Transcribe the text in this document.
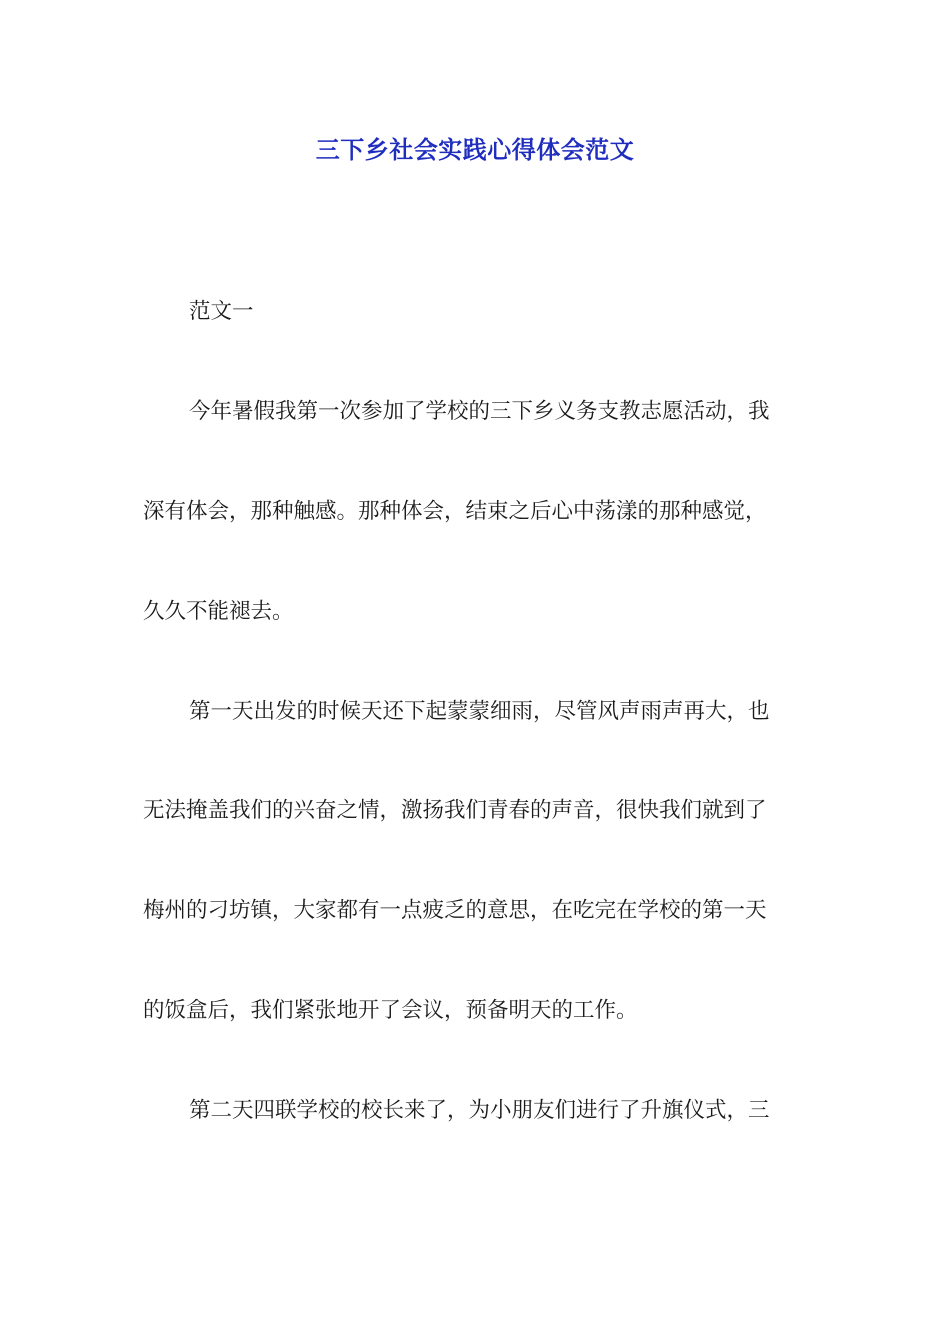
三下乡社会实践心得体会范文
范文一
今年暑假我第一次参加了学校的三下乡义务支教志愿活动，我
深有体会，那种触感。那种体会，结束之后心中荡漾的那种感觉，
久久不能褪去。
第一天出发的时候天还下起蒙蒙细雨，尽管风声雨声再大，也
无法掩盖我们的兴奋之情，激扬我们青春的声音，很快我们就到了
梅州的刁坊镇，大家都有一点疲乏的意思，在吃完在学校的第一天
的饭盒后，我们紧张地开了会议，预备明天的工作。
第二天四联学校的校长来了，为小朋友们进行了升旗仪式，三
